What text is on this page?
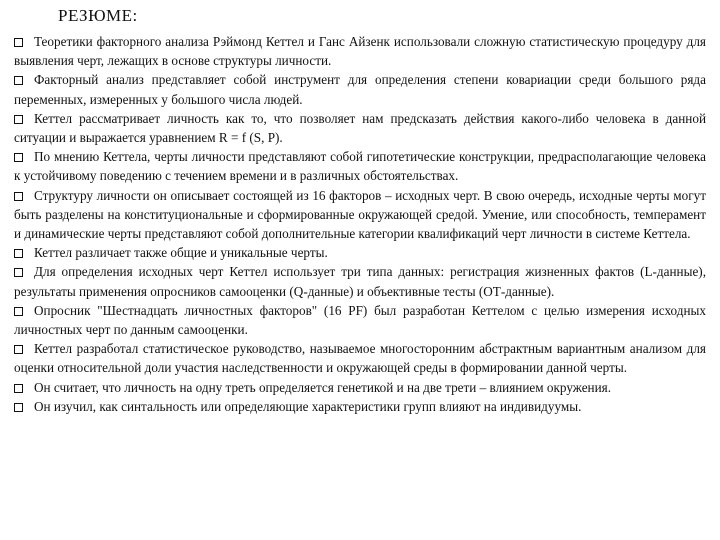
РЕЗЮМЕ:
Теоретики факторного анализа Рэймонд Кеттел и Ганс Айзенк использовали сложную статистическую процедуру для выявления черт, лежащих в основе структуры личности.
Факторный анализ представляет собой инструмент для определения степени ковариации среди большого ряда переменных, измеренных у большого числа людей.
Кеттел рассматривает личность как то, что позволяет нам предсказать действия какого-либо человека в данной ситуации и выражается уравнением R = f (S, P).
По мнению Кеттела, черты личности представляют собой гипотетические конструкции, предрасполагающие человека к устойчивому поведению с течением времени и в различных обстоятельствах.
Структуру личности он описывает состоящей из 16 факторов – исходных черт. В свою очередь, исходные черты могут быть разделены на конституциональные и сформированные окружающей средой. Умение, или способность, темперамент и динамические черты представляют собой дополнительные категории квалификаций черт личности в системе Кеттела.
Кеттел различает также общие и уникальные черты.
Для определения исходных черт Кеттел использует три типа данных: регистрация жизненных фактов (L-данные), результаты применения опросников самооценки (Q-данные) и объективные тесты (ОТ-данные).
Опросник "Шестнадцать личностных факторов" (16 PF) был разработан Кеттелом с целью измерения исходных личностных черт по данным самооценки.
Кеттел разработал статистическое руководство, называемое многосторонним абстрактным вариантным анализом для оценки относительной доли участия наследственности и окружающей среды в формировании данной черты.
Он считает, что личность на одну треть определяется генетикой и на две трети – влиянием окружения.
Он изучил, как синтальность или определяющие характеристики групп влияют на индивидуумы.
